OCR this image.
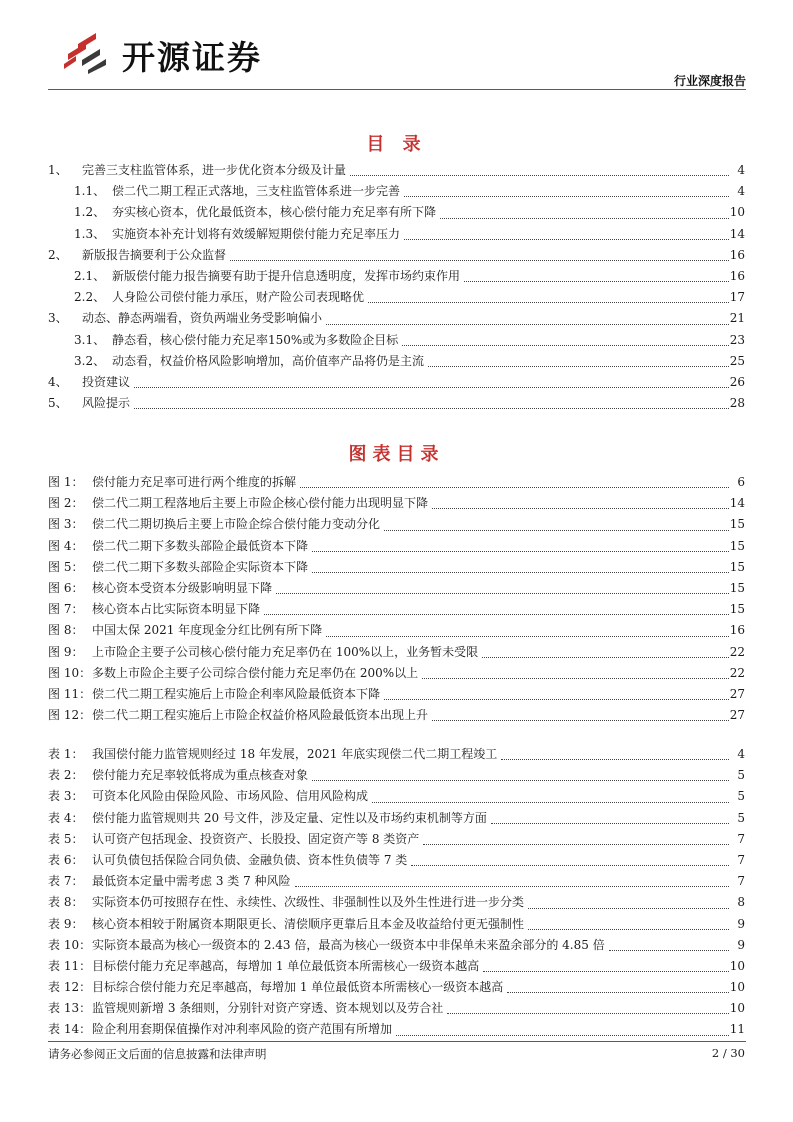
开源证券
行业深度报告
目 录
1、 完善三支柱监管体系，进一步优化资本分级及计量	4
1.1、 偿二代二期工程正式落地，三支柱监管体系进一步完善	4
1.2、 夯实核心资本，优化最低资本，核心偿付能力充足率有所下降	10
1.3、 实施资本补充计划将有效缓解短期偿付能力充足率压力	14
2、 新版报告摘要利于公众监督	16
2.1、 新版偿付能力报告摘要有助于提升信息透明度，发挥市场约束作用	16
2.2、 人身险公司偿付能力承压，财产险公司表现略优	17
3、 动态、静态两端看，资负两端业务受影响偏小	21
3.1、 静态看，核心偿付能力充足率150%或为多数险企目标	23
3.2、 动态看，权益价格风险影响增加，高价值率产品将仍是主流	25
4、 投资建议	26
5、 风险提示	28
图表目录
图 1： 偿付能力充足率可进行两个维度的拆解	6
图 2： 偿二代二期工程落地后主要上市险企核心偿付能力出现明显下降	14
图 3： 偿二代二期切换后主要上市险企综合偿付能力变动分化	15
图 4： 偿二代二期下多数头部险企最低资本下降	15
图 5： 偿二代二期下多数头部险企实际资本下降	15
图 6： 核心资本受资本分级影响明显下降	15
图 7： 核心资本占比实际资本明显下降	15
图 8： 中国太保 2021 年度现金分红比例有所下降	16
图 9： 上市险企主要子公司核心偿付能力充足率仍在 100%以上，业务暂未受限	22
图 10：多数上市险企主要子公司综合偿付能力充足率仍在 200%以上	22
图 11：偿二代二期工程实施后上市险企利率风险最低资本下降	27
图 12：偿二代二期工程实施后上市险企权益价格风险最低资本出现上升	27
表 1： 我国偿付能力监管规则经过 18 年发展，2021 年底实现偿二代二期工程竣工	4
表 2： 偿付能力充足率较低将成为重点核查对象	5
表 3： 可资本化风险由保险风险、市场风险、信用风险构成	5
表 4： 偿付能力监管规则共 20 号文件，涉及定量、定性以及市场约束机制等方面	5
表 5： 认可资产包括现金、投资资产、长股投、固定资产等 8 类资产	7
表 6： 认可负债包括保险合同负债、金融负债、资本性负债等 7 类	7
表 7： 最低资本定量中需考虑 3 类 7 种风险	7
表 8： 实际资本仍可按照存在性、永续性、次级性、非强制性以及外生性进行进一步分类	8
表 9： 核心资本相较于附属资本期限更长、清偿顺序更靠后且本金及收益给付更无强制性	9
表 10：实际资本最高为核心一级资本的 2.43 倍，最高为核心一级资本中非保单未来盈余部分的 4.85 倍	9
表 11：目标偿付能力充足率越高，每增加 1 单位最低资本所需核心一级资本越高	10
表 12：目标综合偿付能力充足率越高，每增加 1 单位最低资本所需核心一级资本越高	10
表 13：监管规则新增 3 条细则，分别针对资产穿透、资本规划以及劳合社	10
表 14：险企利用套期保值操作对冲利率风险的资产范围有所增加	11
请务必参阅正文后面的信息披露和法律声明	2 / 30
